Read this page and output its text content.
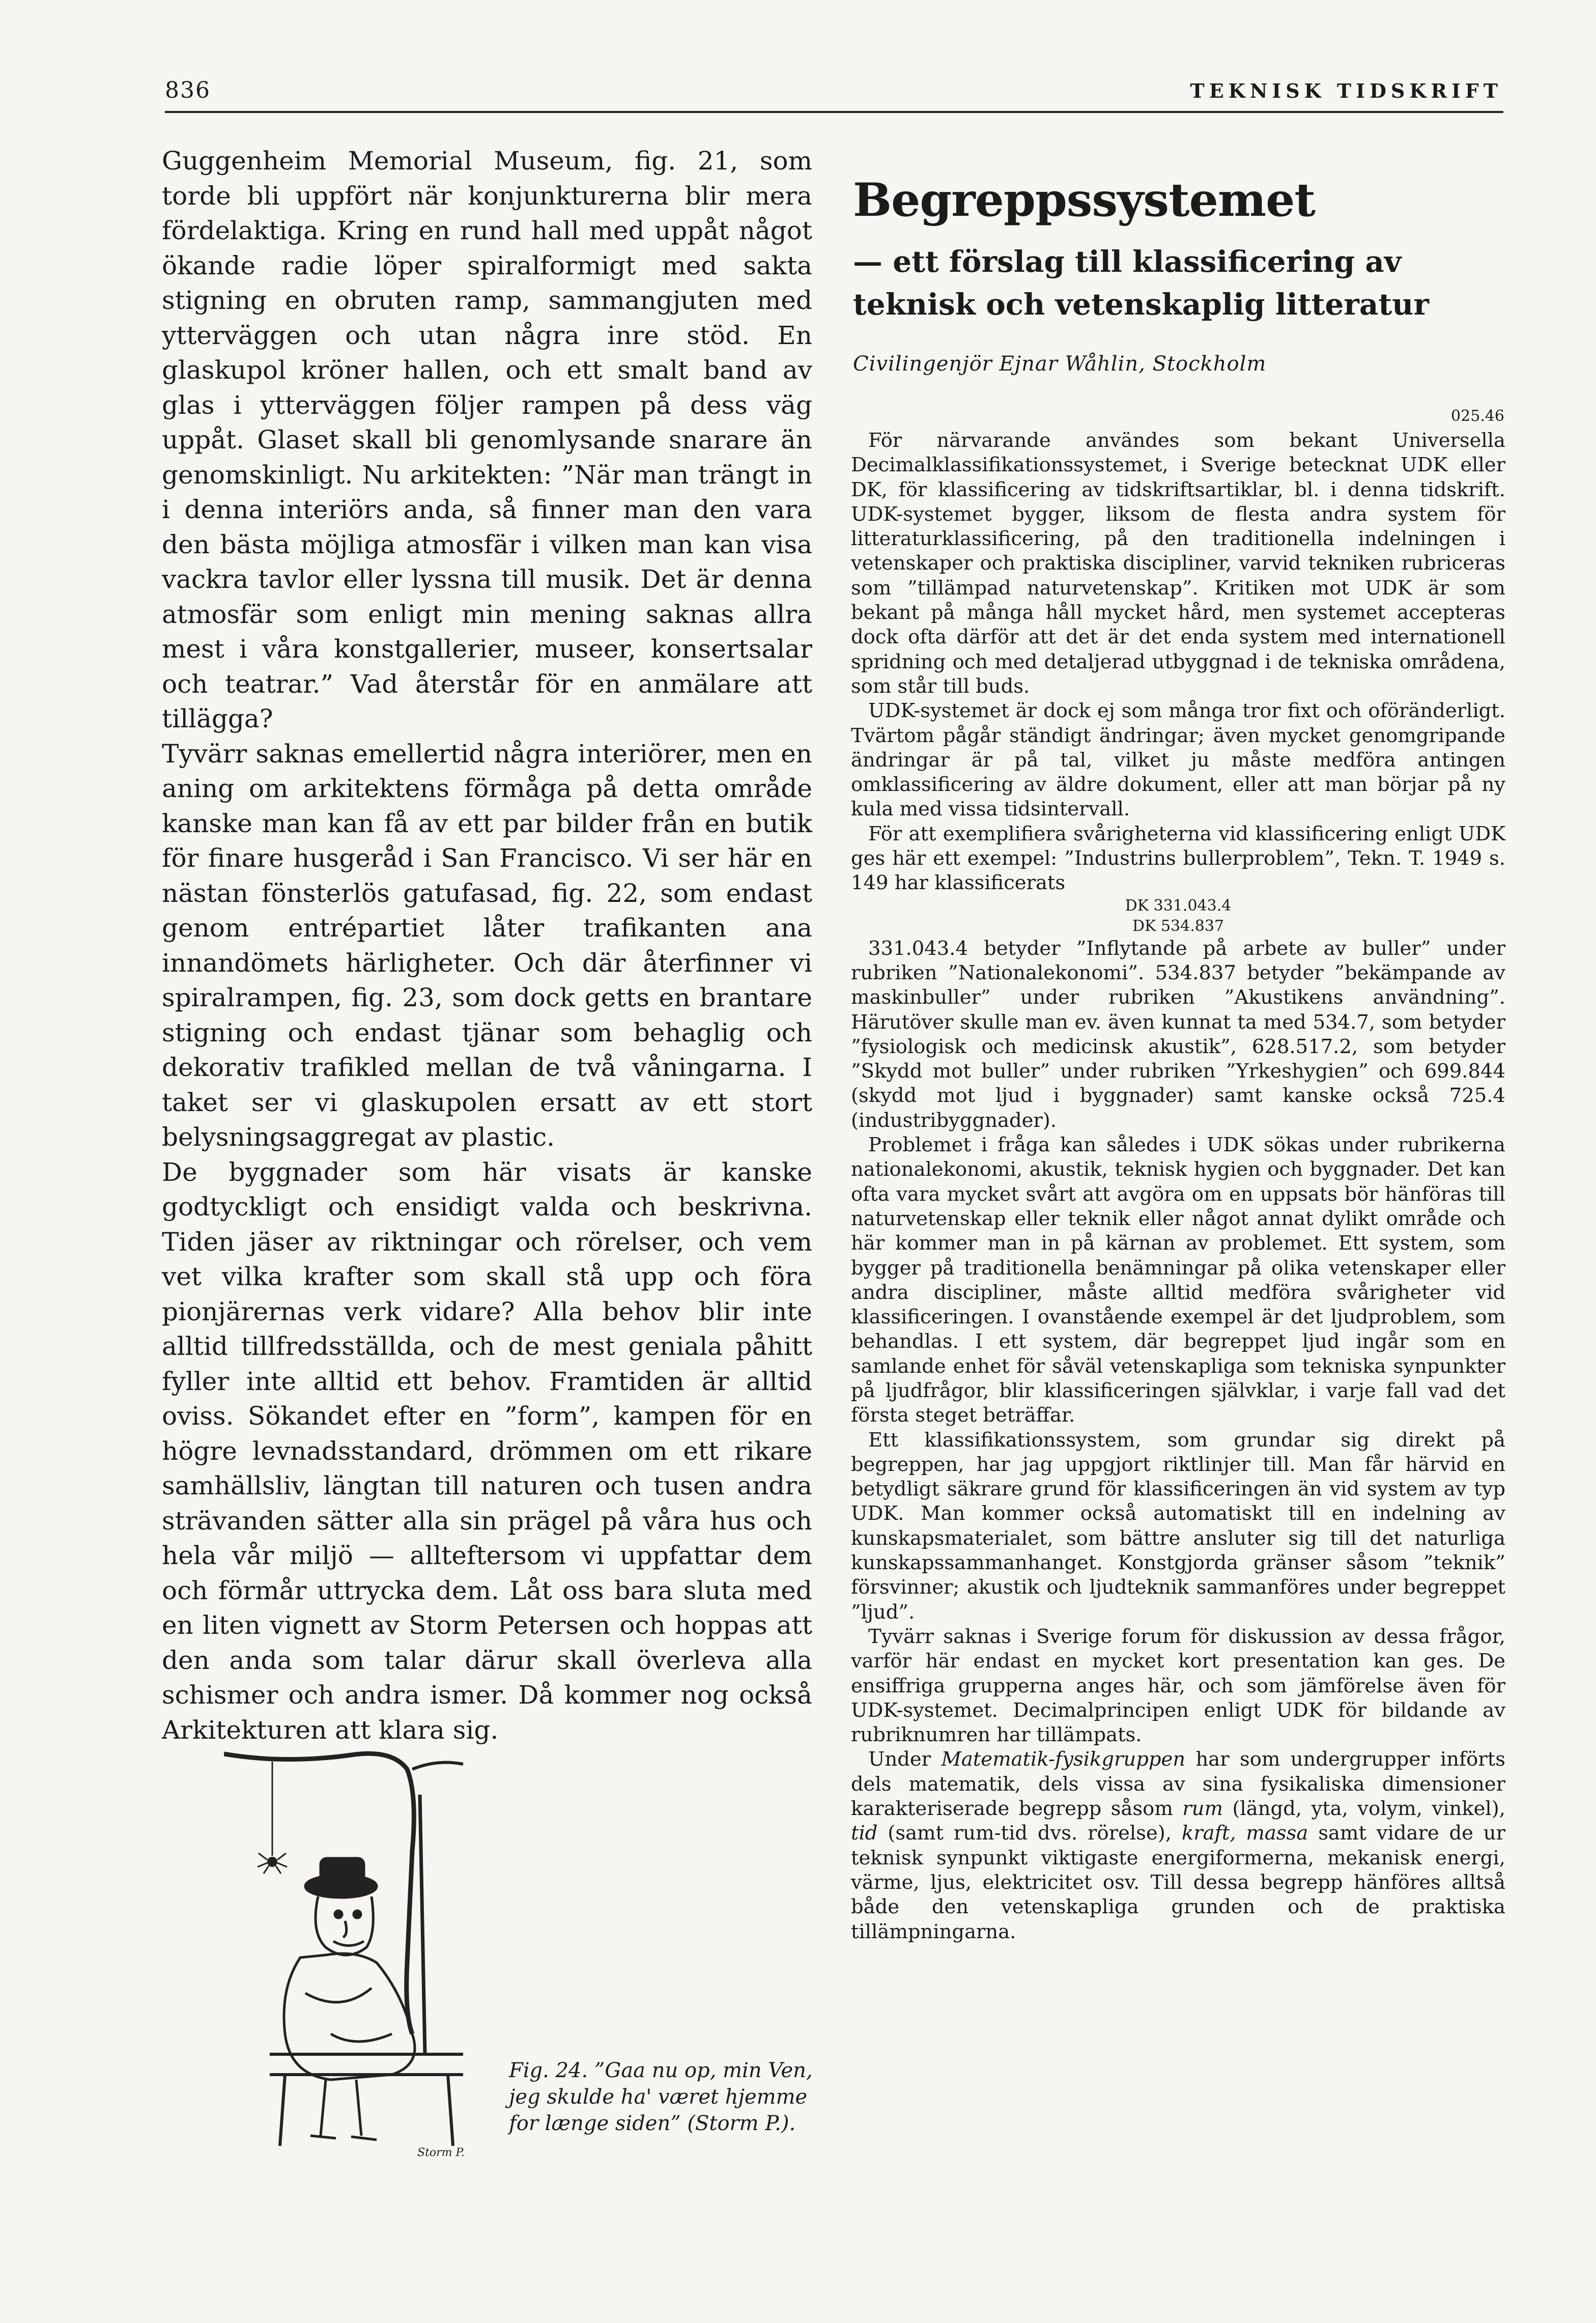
836	TEKNISK TIDSKRIFT

Guggenheim Memorial Museum, fig. 21, som torde bli uppfört när konjunkturerna blir mera fördelaktiga. Kring en rund hall med uppåt något ökande radie löper spiralformigt med sakta stigning en obruten ramp, sammangjuten med ytterväggen och utan några inre stöd. En glaskupol kröner hallen, och ett smalt band av glas i ytterväggen följer rampen på dess väg uppåt. Glaset skall bli genomlysande snarare än genomskinligt. Nu arkitekten: ”När man trängt in i denna interiörs anda, så finner man den vara den bästa möjliga atmosfär i vilken man kan visa vackra tavlor eller lyssna till musik. Det är denna atmosfär som enligt min mening saknas allra mest i våra konstgallerier, museer, konsertsalar och teatrar.” Vad återstår för en anmälare att tillägga?

Tyvärr saknas emellertid några interiörer, men en aning om arkitektens förmåga på detta område kanske man kan få av ett par bilder från en butik för finare husgeråd i San Francisco. Vi ser här en nästan fönsterlös gatufasad, fig. 22, som endast genom entrépartiet låter trafikanten ana innandömets härligheter. Och där återfinner vi spiralrampen, fig. 23, som dock getts en brantare stigning och endast tjänar som behaglig och dekorativ trafikled mellan de två våningarna. I taket ser vi glaskupolen ersatt av ett stort belysningsaggregat av plastic.

De byggnader som här visats är kanske godtyckligt och ensidigt valda och beskrivna. Tiden jäser av riktningar och rörelser, och vem vet vilka krafter som skall stå upp och föra pionjärernas verk vidare? Alla behov blir inte alltid tillfredsställda, och de mest geniala påhitt fyller inte alltid ett behov. Framtiden är alltid oviss. Sökandet efter en ”form”, kampen för en högre levnadsstandard, drömmen om ett rikare samhällsliv, längtan till naturen och tusen andra strävanden sätter alla sin prägel på våra hus och hela vår miljö — allteftersom vi uppfattar dem och förmår uttrycka dem. Låt oss bara sluta med en liten vignett av Storm Petersen och hoppas att den anda som talar därur skall överleva alla schismer och andra ismer. Då kommer nog också Arkitekturen att klara sig.

Begreppssystemet
— ett förslag till klassificering av teknisk och vetenskaplig litteratur
Civilingenjör Ejnar Wåhlin, Stockholm
025.46

För närvarande användes som bekant Universella Decimalklassifikationssystemet, i Sverige betecknat UDK eller DK, för klassificering av tidskriftsartiklar, bl. i denna tidskrift. UDK-systemet bygger, liksom de flesta andra system för litteraturklassificering, på den traditionella indelningen i vetenskaper och praktiska discipliner, varvid tekniken rubriceras som ”tillämpad naturvetenskap”. Kritiken mot UDK är som bekant på många håll mycket hård, men systemet accepteras dock ofta därför att det är det enda system med internationell spridning och med detaljerad utbyggnad i de tekniska områdena, som står till buds.

UDK-systemet är dock ej som många tror fixt och oföränderligt. Tvärtom pågår ständigt ändringar; även mycket genomgripande ändringar är på tal, vilket ju måste medföra antingen omklassificering av äldre dokument, eller att man börjar på ny kula med vissa tidsintervall.

För att exemplifiera svårigheterna vid klassificering enligt UDK ges här ett exempel: ”Industrins bullerproblem”, Tekn. T. 1949 s. 149 har klassificerats

DK 331.043.4
DK 534.837

331.043.4 betyder ”Inflytande på arbete av buller” under rubriken ”Nationalekonomi”. 534.837 betyder ”bekämpande av maskinbuller” under rubriken ”Akustikens användning”. Härutöver skulle man ev. även kunnat ta med 534.7, som betyder ”fysiologisk och medicinsk akustik”, 628.517.2, som betyder ”Skydd mot buller” under rubriken ”Yrkeshygien” och 699.844 (skydd mot ljud i byggnader) samt kanske också 725.4 (industribyggnader).

Problemet i fråga kan således i UDK sökas under rubrikerna nationalekonomi, akustik, teknisk hygien och byggnader. Det kan ofta vara mycket svårt att avgöra om en uppsats bör hänföras till naturvetenskap eller teknik eller något annat dylikt område och här kommer man in på kärnan av problemet. Ett system, som bygger på traditionella benämningar på olika vetenskaper eller andra discipliner, måste alltid medföra svårigheter vid klassificeringen. I ovanstående exempel är det ljudproblem, som behandlas. I ett system, där begreppet ljud ingår som en samlande enhet för såväl vetenskapliga som tekniska synpunkter på ljudfrågor, blir klassificeringen självklar, i varje fall vad det första steget beträffar.

Ett klassifikationssystem, som grundar sig direkt på begreppen, har jag uppgjort riktlinjer till. Man får härvid en betydligt säkrare grund för klassificeringen än vid system av typ UDK. Man kommer också automatiskt till en indelning av kunskapsmaterialet, som bättre ansluter sig till det naturliga kunskapssammanhanget. Konstgjorda gränser såsom ”teknik” försvinner; akustik och ljudteknik sammanföres under begreppet ”ljud”.

Tyvärr saknas i Sverige forum för diskussion av dessa frågor, varför här endast en mycket kort presentation kan ges. De ensiffriga grupperna anges här, och som jämförelse även för UDK-systemet. Decimalprincipen enligt UDK för bildande av rubriknumren har tillämpats.

Under Matematik-fysikgruppen har som undergrupper införts dels matematik, dels vissa av sina fysikaliska dimensioner karakteriserade begrepp såsom rum (längd, yta, volym, vinkel), tid (samt rum-tid dvs. rörelse), kraft, massa samt vidare de ur teknisk synpunkt viktigaste energiformerna, mekanisk energi, värme, ljus, elektricitet osv. Till dessa begrepp hänföres alltså både den vetenskapliga grunden och de praktiska tillämpningarna.

Storm P.
Fig. 24. ”Gaa nu op, min Ven, jeg skulde ha' været hjemme for længe siden” (Storm P.).
